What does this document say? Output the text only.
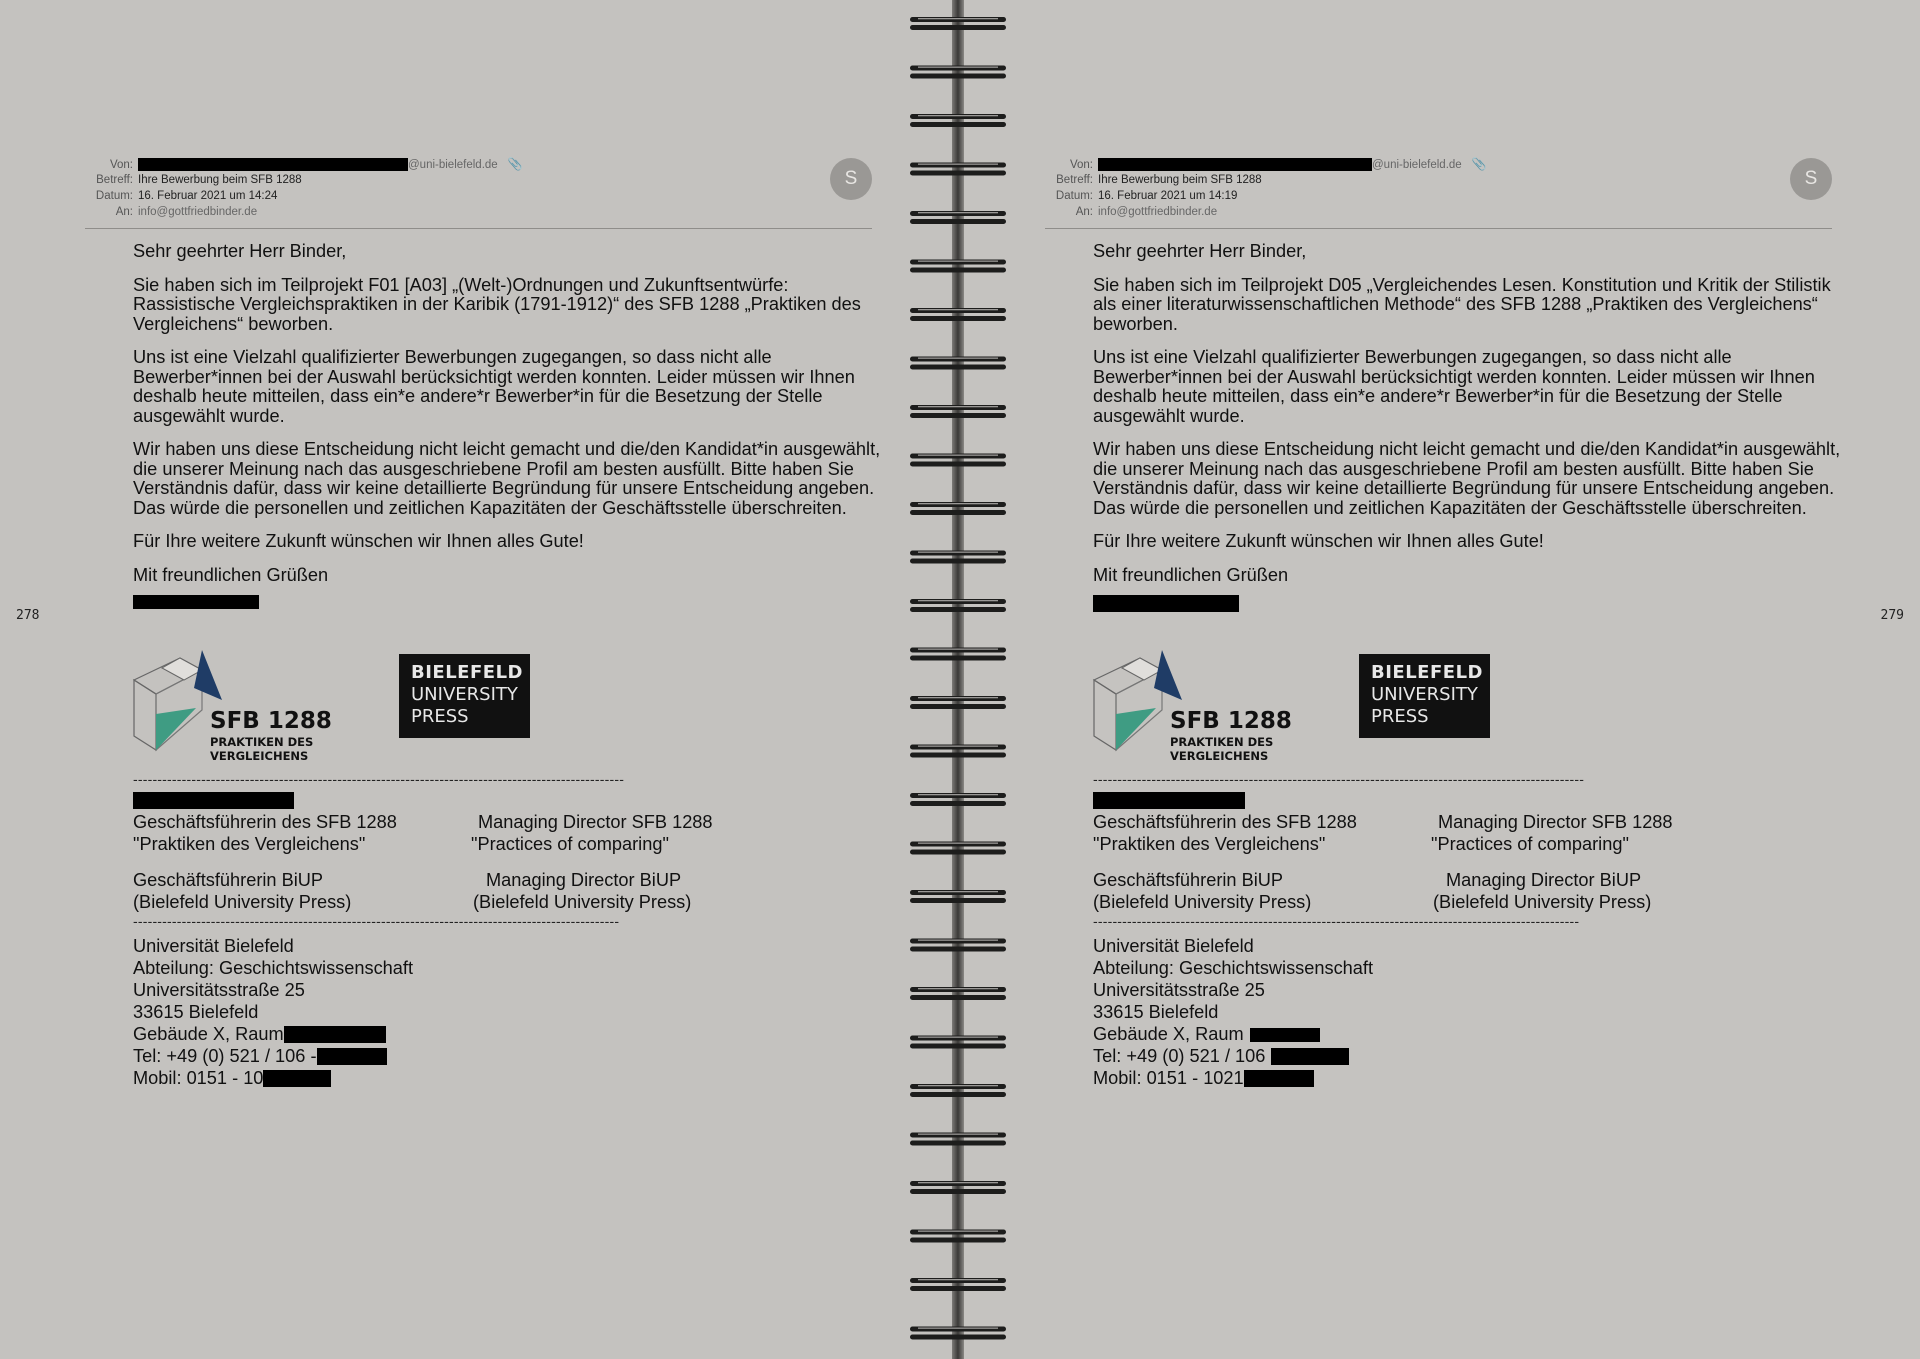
278
Von:	@uni-bielefeld.de 📎
Betreff: Ihre Bewerbung beim SFB 1288
Datum: 16. Februar 2021 um 14:24
An: info@gottfriedbinder.de
S

Sehr geehrter Herr Binder,

Sie haben sich im Teilprojekt F01 [A03] „(Welt-)Ordnungen und Zukunftsentwürfe: Rassistische Vergleichspraktiken in der Karibik (1791-1912)“ des SFB 1288 „Praktiken des Vergleichens“ beworben.

Uns ist eine Vielzahl qualifizierter Bewerbungen zugegangen, so dass nicht alle Bewerber*innen bei der Auswahl berücksichtigt werden konnten. Leider müssen wir Ihnen deshalb heute mitteilen, dass ein*e andere*r Bewerber*in für die Besetzung der Stelle ausgewählt wurde.

Wir haben uns diese Entscheidung nicht leicht gemacht und die/den Kandidat*in ausgewählt, die unserer Meinung nach das ausgeschriebene Profil am besten ausfüllt. Bitte haben Sie Verständnis dafür, dass wir keine detaillierte Begründung für unsere Entscheidung angeben. Das würde die personellen und zeitlichen Kapazitäten der Geschäftsstelle überschreiten.

Für Ihre weitere Zukunft wünschen wir Ihnen alles Gute!

Mit freundlichen Grüßen

SFB 1288
PRAKTIKEN DES
VERGLEICHENS
BIELEFELD
UNIVERSITY
PRESS
-----------------------------------------------------------------------------------------------------
Geschäftsführerin des SFB 1288	Managing Director SFB 1288
"Praktiken des Vergleichens"	"Practices of comparing"
Geschäftsführerin BiUP	Managing Director BiUP
(Bielefeld University Press)	(Bielefeld University Press)
----------------------------------------------------------------------------------------------------
Universität Bielefeld
Abteilung: Geschichtswissenschaft
Universitätsstraße 25
33615 Bielefeld
Gebäude X, Raum
Tel: +49 (0) 521 / 106 -
Mobil: 0151 - 10
279
Von:	@uni-bielefeld.de 📎
Betreff: Ihre Bewerbung beim SFB 1288
Datum: 16. Februar 2021 um 14:19
An: info@gottfriedbinder.de
S

Sehr geehrter Herr Binder,

Sie haben sich im Teilprojekt D05 „Vergleichendes Lesen. Konstitution und Kritik der Stilistik als einer literaturwissenschaftlichen Methode“ des SFB 1288 „Praktiken des Vergleichens“ beworben.

Uns ist eine Vielzahl qualifizierter Bewerbungen zugegangen, so dass nicht alle Bewerber*innen bei der Auswahl berücksichtigt werden konnten. Leider müssen wir Ihnen deshalb heute mitteilen, dass ein*e andere*r Bewerber*in für die Besetzung der Stelle ausgewählt wurde.

Wir haben uns diese Entscheidung nicht leicht gemacht und die/den Kandidat*in ausgewählt, die unserer Meinung nach das ausgeschriebene Profil am besten ausfüllt. Bitte haben Sie Verständnis dafür, dass wir keine detaillierte Begründung für unsere Entscheidung angeben. Das würde die personellen und zeitlichen Kapazitäten der Geschäftsstelle überschreiten.

Für Ihre weitere Zukunft wünschen wir Ihnen alles Gute!

Mit freundlichen Grüßen

SFB 1288
PRAKTIKEN DES
VERGLEICHENS
BIELEFELD
UNIVERSITY
PRESS
-----------------------------------------------------------------------------------------------------
Geschäftsführerin des SFB 1288	Managing Director SFB 1288
"Praktiken des Vergleichens"	"Practices of comparing"
Geschäftsführerin BiUP	Managing Director BiUP
(Bielefeld University Press)	(Bielefeld University Press)
----------------------------------------------------------------------------------------------------
Universität Bielefeld
Abteilung: Geschichtswissenschaft
Universitätsstraße 25
33615 Bielefeld
Gebäude X, Raum
Tel: +49 (0) 521 / 106
Mobil: 0151 - 1021
